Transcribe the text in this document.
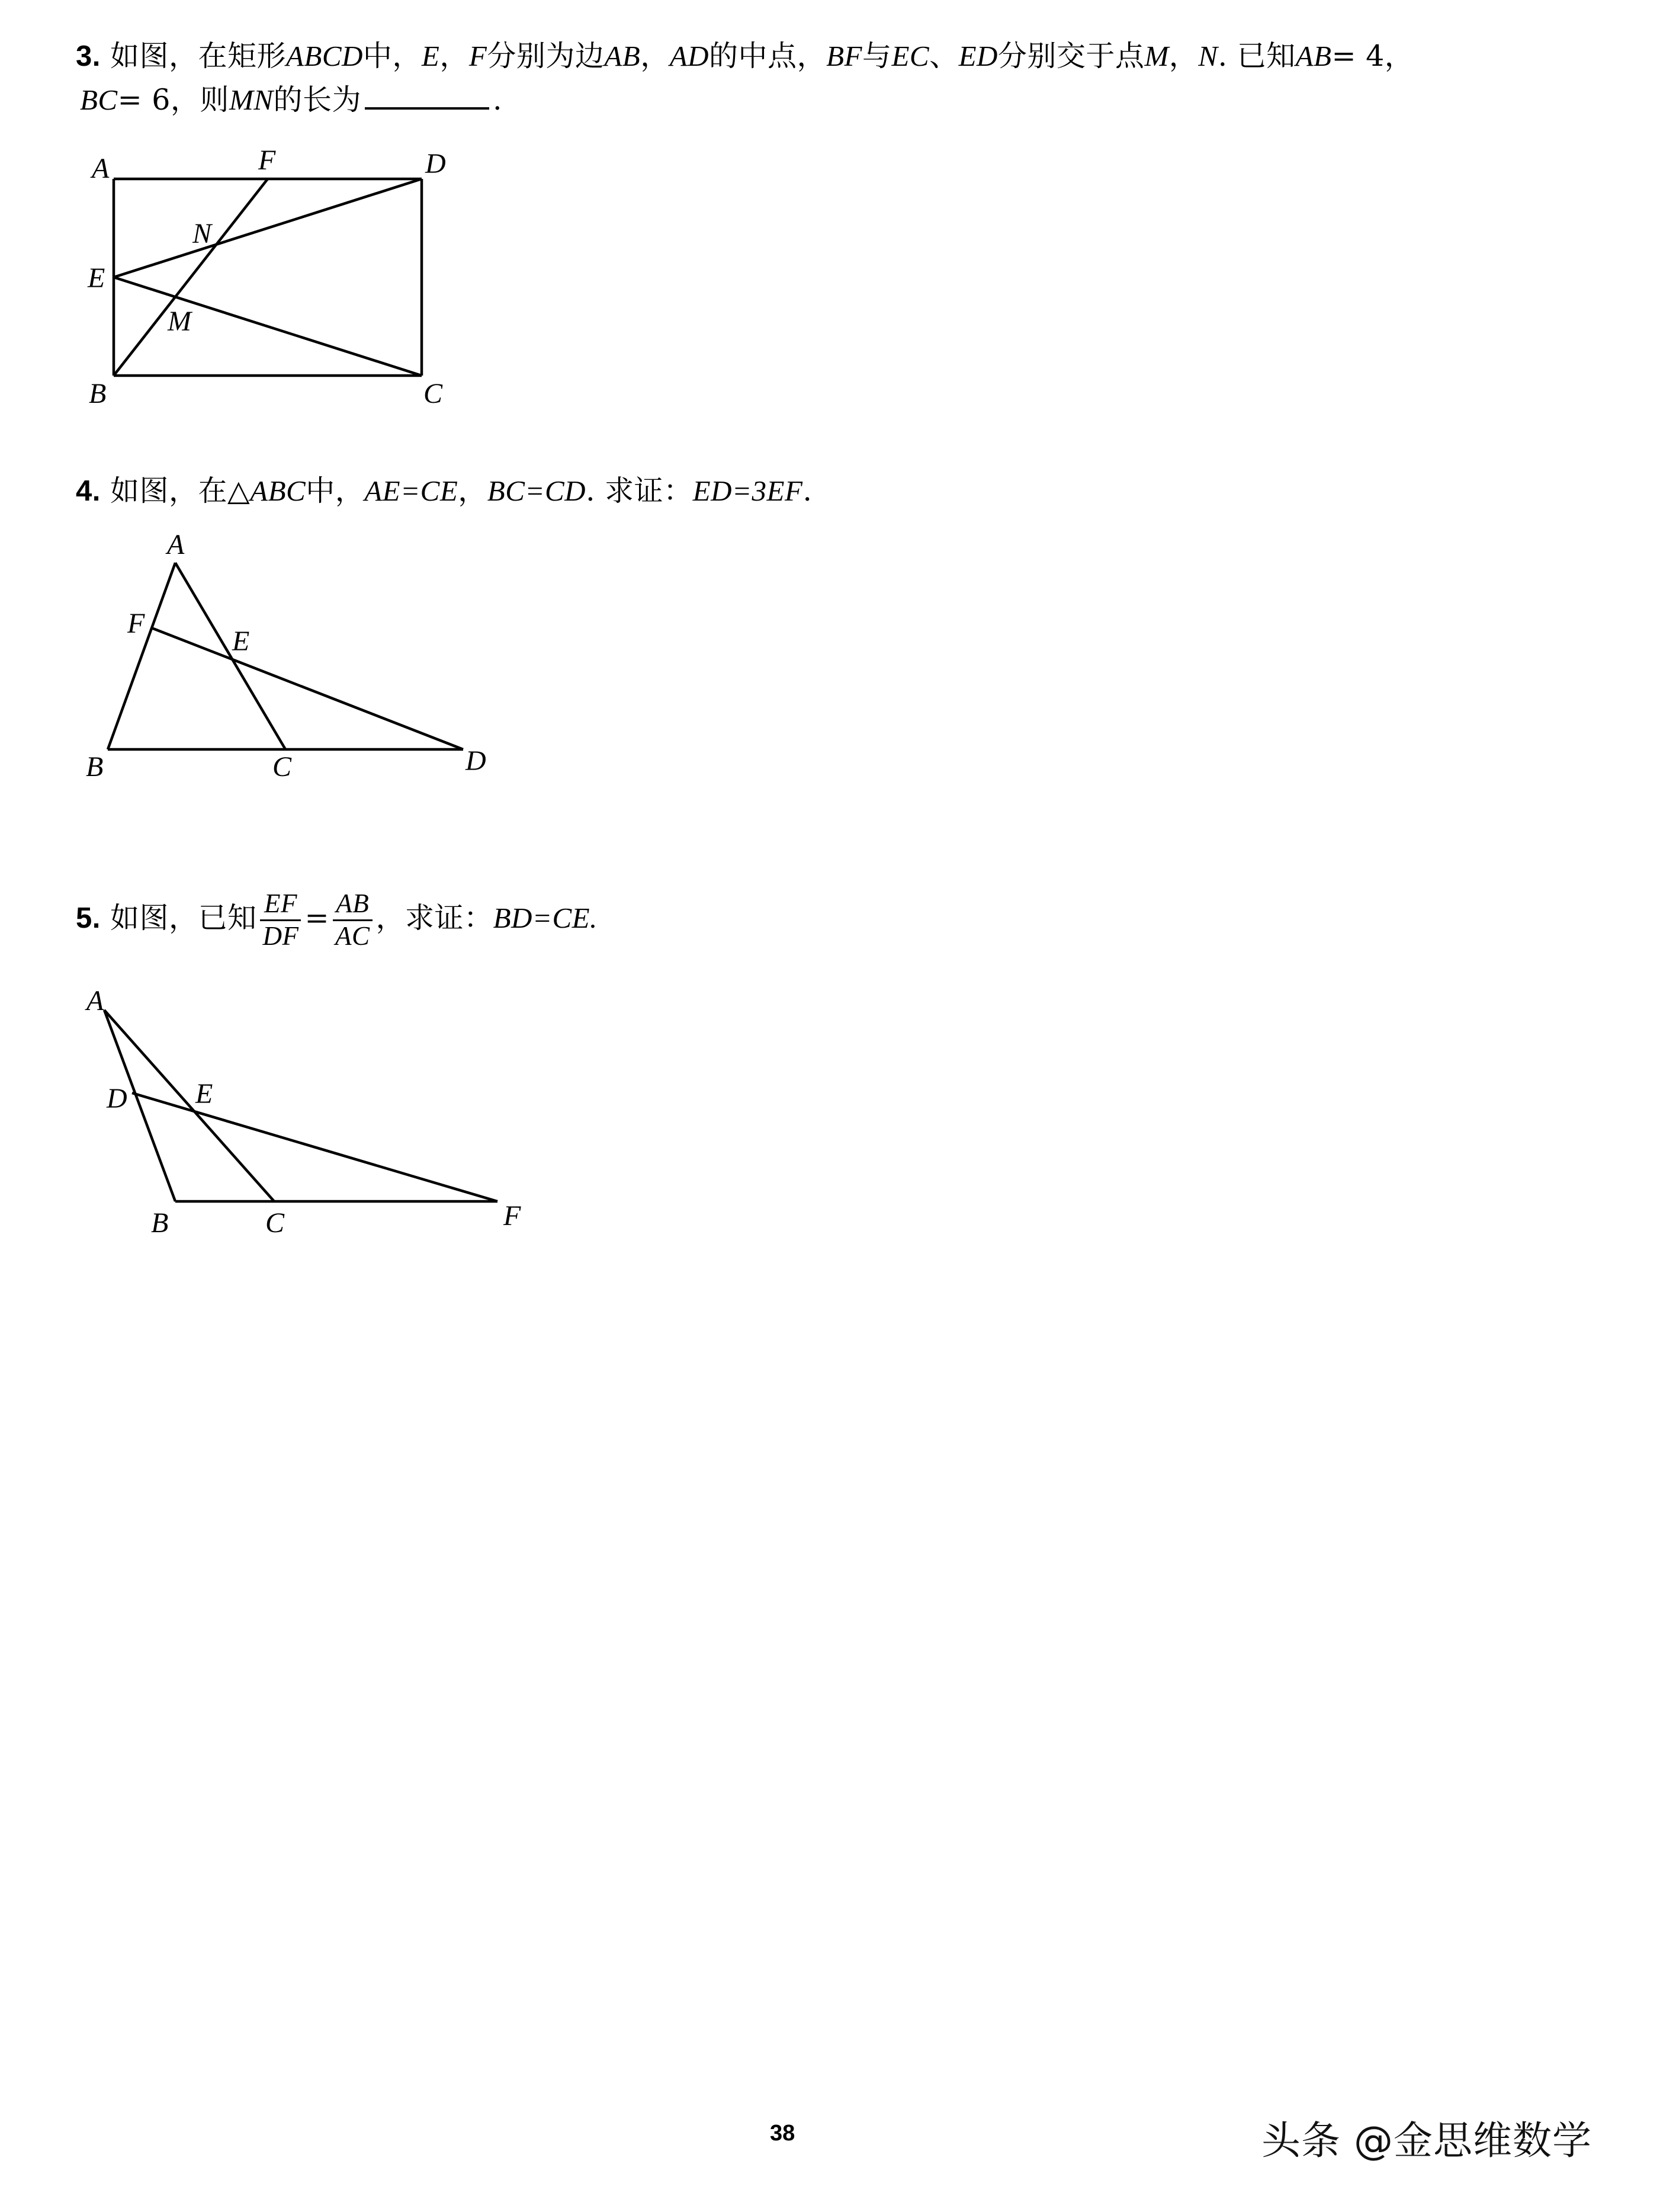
3. 如图，在矩形ABCD中，E，F分别为边AB，AD的中点，BF与EC、ED分别交于点M，N. 已知AB= 4，
BC= 6，则MN的长为	.
A	F	D
N
E
M
B	C
4. 如图，在△ABC中，AE=CE，BC=CD. 求证：ED=3EF.
A
F
E
B	C	D
5. 如图，已知 $\frac{EF}{DF} = \frac{AB}{AC}$ ，求证：BD=CE.
A
D E
B	C	F
38	头条 @金思维数学
